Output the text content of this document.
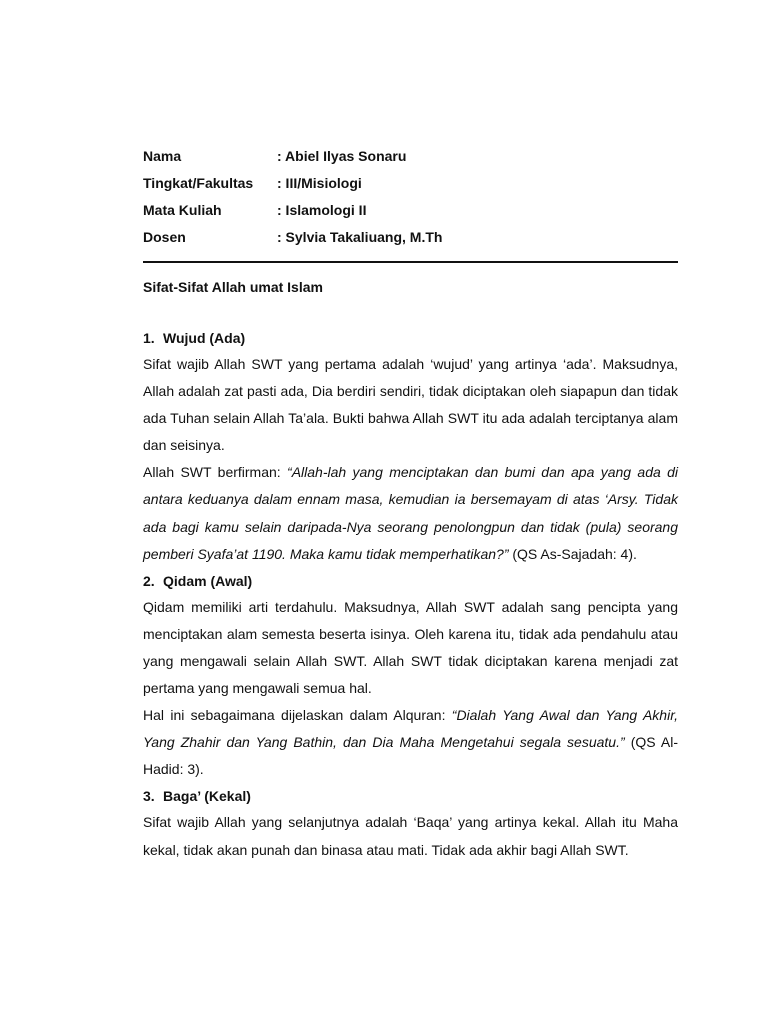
Nama	: Abiel Ilyas Sonaru
Tingkat/Fakultas	: III/Misiologi
Mata Kuliah	: Islamologi II
Dosen	: Sylvia Takaliuang, M.Th
Sifat-Sifat Allah umat Islam
1. Wujud (Ada)

Sifat wajib Allah SWT yang pertama adalah ‘wujud’ yang artinya ‘ada’. Maksudnya, Allah adalah zat pasti ada, Dia berdiri sendiri, tidak diciptakan oleh siapapun dan tidak ada Tuhan selain Allah Ta’ala. Bukti bahwa Allah SWT itu ada adalah terciptanya alam dan seisinya.

Allah SWT berfirman: “Allah-lah yang menciptakan dan bumi dan apa yang ada di antara keduanya dalam ennam masa, kemudian ia bersemayam di atas ‘Arsy. Tidak ada bagi kamu selain daripada-Nya seorang penolongpun dan tidak (pula) seorang pemberi Syafa’at 1190. Maka kamu tidak memperhatikan?” (QS As-Sajadah: 4).

2. Qidam (Awal)

Qidam memiliki arti terdahulu. Maksudnya, Allah SWT adalah sang pencipta yang menciptakan alam semesta beserta isinya. Oleh karena itu, tidak ada pendahulu atau yang mengawali selain Allah SWT. Allah SWT tidak diciptakan karena menjadi zat pertama yang mengawali semua hal.

Hal ini sebagaimana dijelaskan dalam Alquran: “Dialah Yang Awal dan Yang Akhir, Yang Zhahir dan Yang Bathin, dan Dia Maha Mengetahui segala sesuatu.” (QS Al-Hadid: 3).

3. Baga’ (Kekal)

Sifat wajib Allah yang selanjutnya adalah ‘Baqa’ yang artinya kekal. Allah itu Maha kekal, tidak akan punah dan binasa atau mati. Tidak ada akhir bagi Allah SWT.
